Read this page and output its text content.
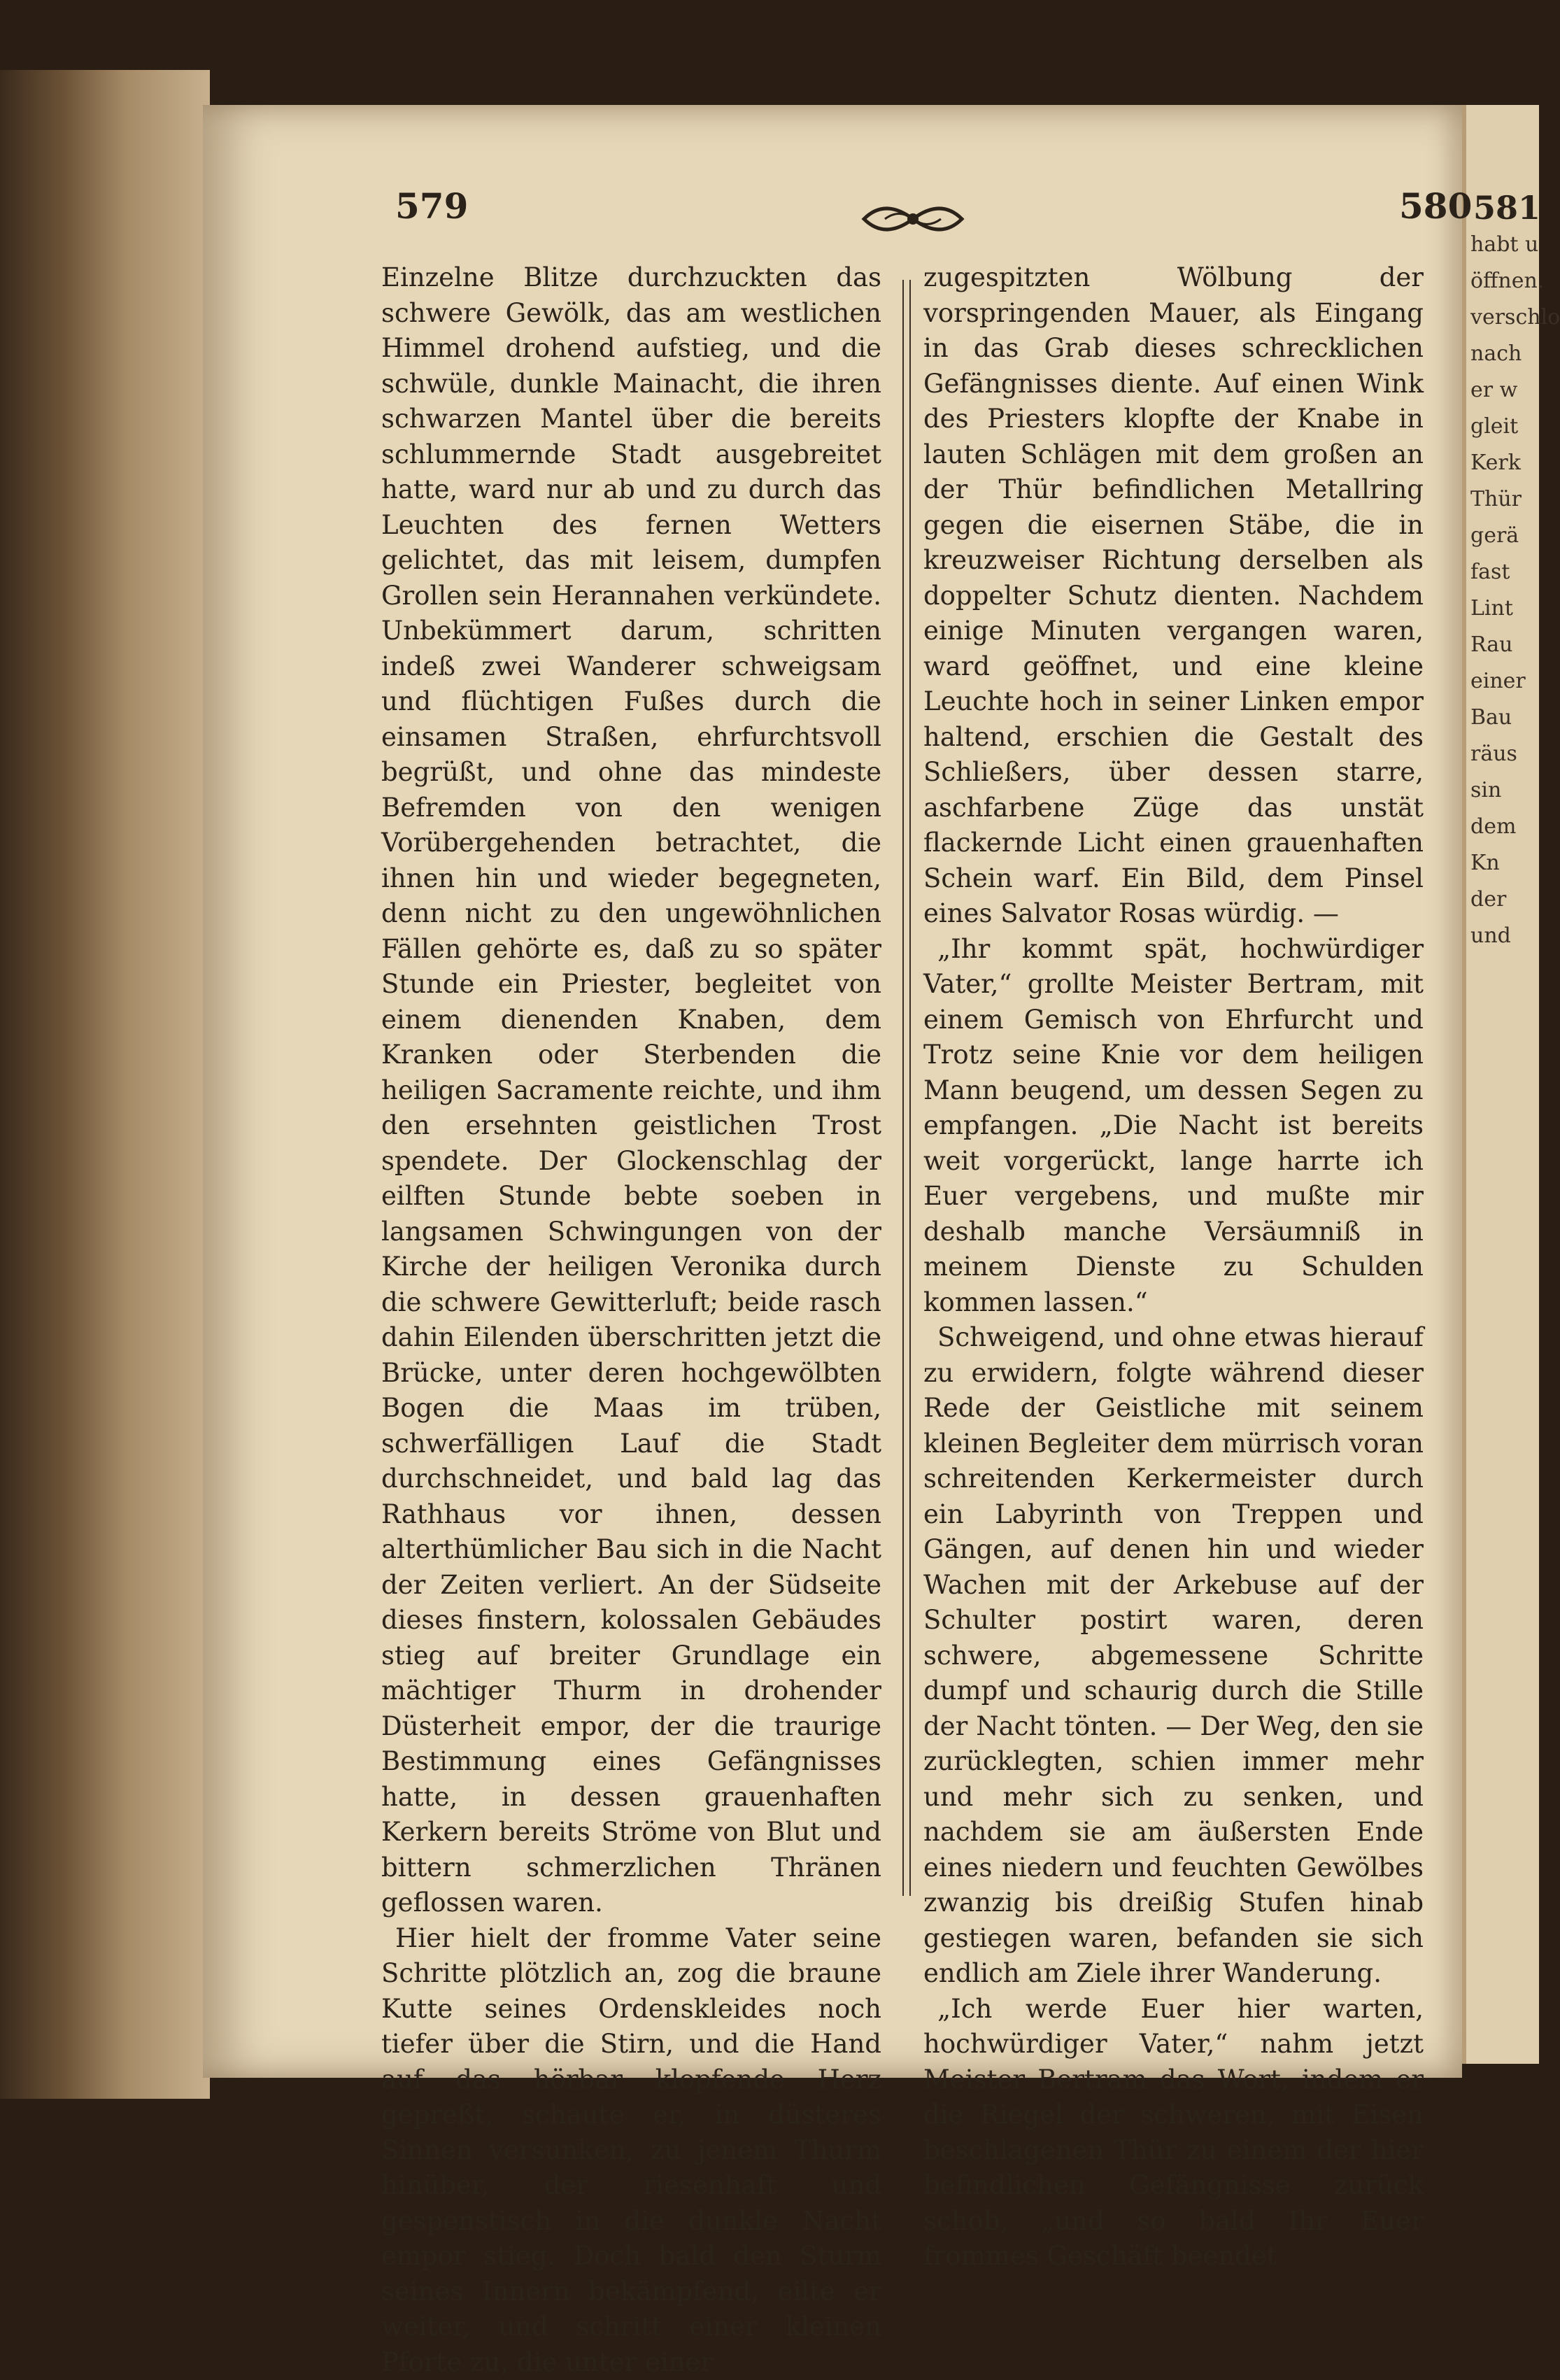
581
habt u
öffnen.
verschlo
nach
er w
gleit
Kerk
Thür
gerä
fast
Lint
Rau
einer
Bau
räus
sin
dem
Kn
der
und
579	580

Einzelne Blitze durchzuckten das schwere Gewölk, das am westlichen Himmel drohend aufstieg, und die schwüle, dunkle Mainacht, die ihren schwarzen Mantel über die bereits schlummernde Stadt ausgebreitet hatte, ward nur ab und zu durch das Leuchten des fernen Wetters gelichtet, das mit leisem, dumpfen Grollen sein Herannahen verkündete. Unbekümmert darum, schritten indeß zwei Wanderer schweigsam und flüchtigen Fußes durch die einsamen Straßen, ehrfurchtsvoll begrüßt, und ohne das mindeste Befremden von den wenigen Vorübergehenden betrachtet, die ihnen hin und wieder begegneten, denn nicht zu den ungewöhnlichen Fällen gehörte es, daß zu so später Stunde ein Priester, begleitet von einem dienenden Knaben, dem Kranken oder Sterbenden die heiligen Sacramente reichte, und ihm den ersehnten geistlichen Trost spendete. Der Glockenschlag der eilften Stunde bebte soeben in langsamen Schwingungen von der Kirche der heiligen Veronika durch die schwere Gewitterluft; beide rasch dahin Eilenden überschritten jetzt die Brücke, unter deren hochgewölbten Bogen die Maas im trüben, schwerfälligen Lauf die Stadt durchschneidet, und bald lag das Rathhaus vor ihnen, dessen alterthümlicher Bau sich in die Nacht der Zeiten verliert. An der Südseite dieses finstern, kolossalen Gebäudes stieg auf breiter Grundlage ein mächtiger Thurm in drohender Düsterheit empor, der die traurige Bestimmung eines Gefängnisses hatte, in dessen grauenhaften Kerkern bereits Ströme von Blut und bittern schmerzlichen Thränen geflossen waren.

Hier hielt der fromme Vater seine Schritte plötzlich an, zog die braune Kutte seines Ordenskleides noch tiefer über die Stirn, und die Hand auf das hörbar klopfende Herz gepreßt, schaute er, in düsteres Sinnen versunken, zu jenem Thurm hinüber, der riesenhaft und gespenstisch in die dunkle Nacht empor stieg. Doch bald den Sturm seines Innern bekämpfend, eilte er weiter, und schritt einer kleinen Pforte zu, die unter einer

zugespitzten Wölbung der vorspringenden Mauer, als Eingang in das Grab dieses schrecklichen Gefängnisses diente. Auf einen Wink des Priesters klopfte der Knabe in lauten Schlägen mit dem großen an der Thür befindlichen Metallring gegen die eisernen Stäbe, die in kreuzweiser Richtung derselben als doppelter Schutz dienten. Nachdem einige Minuten vergangen waren, ward geöffnet, und eine kleine Leuchte hoch in seiner Linken empor haltend, erschien die Gestalt des Schließers, über dessen starre, aschfarbene Züge das unstät flackernde Licht einen grauenhaften Schein warf. Ein Bild, dem Pinsel eines Salvator Rosas würdig. —

„Ihr kommt spät, hochwürdiger Vater,“ grollte Meister Bertram, mit einem Gemisch von Ehrfurcht und Trotz seine Knie vor dem heiligen Mann beugend, um dessen Segen zu empfangen. „Die Nacht ist bereits weit vorgerückt, lange harrte ich Euer vergebens, und mußte mir deshalb manche Versäumniß in meinem Dienste zu Schulden kommen lassen.“

Schweigend, und ohne etwas hierauf zu erwidern, folgte während dieser Rede der Geistliche mit seinem kleinen Begleiter dem mürrisch voran schreitenden Kerkermeister durch ein Labyrinth von Treppen und Gängen, auf denen hin und wieder Wachen mit der Arkebuse auf der Schulter postirt waren, deren schwere, abgemessene Schritte dumpf und schaurig durch die Stille der Nacht tönten. — Der Weg, den sie zurücklegten, schien immer mehr und mehr sich zu senken, und nachdem sie am äußersten Ende eines niedern und feuchten Gewölbes zwanzig bis dreißig Stufen hinab gestiegen waren, befanden sie sich endlich am Ziele ihrer Wanderung.

„Ich werde Euer hier warten, hochwürdiger Vater,“ nahm jetzt Meister Bertram das Wort, indem er die Riegel der schweren, mit Eisen beschlagenen Thür zu einem der hier befindlichen Gefängnisse zurück schob, „und so bald Ihr Euer frommes Geschäft beendet
